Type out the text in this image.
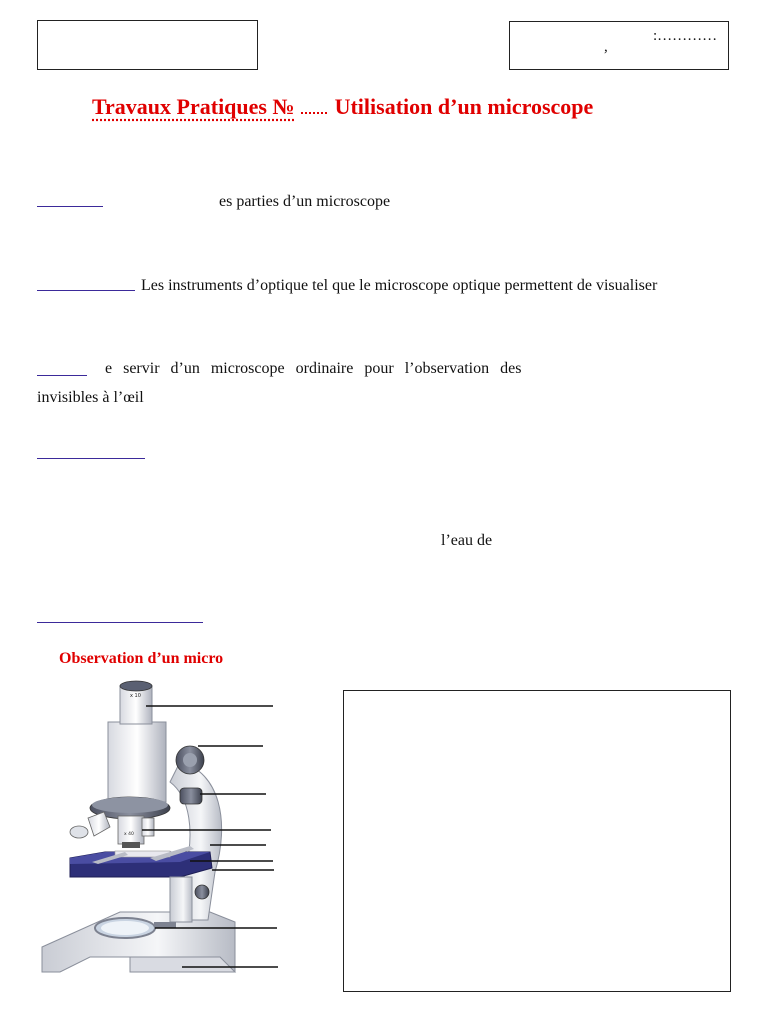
:…………
,
Travaux Pratiques № Utilisation d’un microscope
es parties d’un microscope
Les instruments d’optique tel que le microscope optique permettent de visualiser
e servir d’un microscope ordinaire pour l’observation des
invisibles à l’œil
l’eau de
Observation d’un micro
x 10
x 40
